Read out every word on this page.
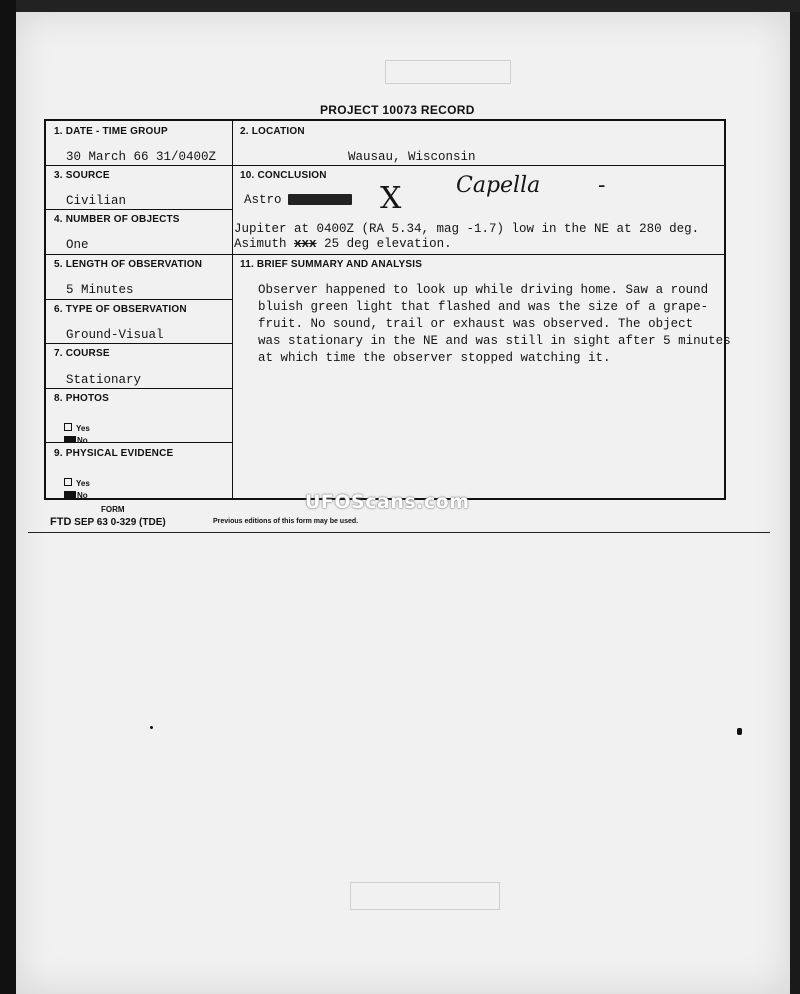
PROJECT 10073 RECORD
1. DATE - TIME GROUP
30 March 66 31/0400Z
2. LOCATION
Wausau, Wisconsin
3. SOURCE
Civilian
4. NUMBER OF OBJECTS
One
5. LENGTH OF OBSERVATION
5 Minutes
6. TYPE OF OBSERVATION
Ground-Visual
7. COURSE
Stationary
8. PHOTOS
Yes
No
9. PHYSICAL EVIDENCE
Yes
No
10. CONCLUSION
Astro	X Capella	-
Jupiter at 0400Z (RA 5.34, mag -1.7) low in the NE at 280 deg.
Asimuth xxx 25 deg elevation.
11. BRIEF SUMMARY AND ANALYSIS
Observer happened to look up while driving home. Saw a round
bluish green light that flashed and was the size of a grape-
fruit. No sound, trail or exhaust was observed. The object
was stationary in the NE and was still in sight after 5 minutes
at which time the observer stopped watching it.
FORM
FTD SEP 63 0-329 (TDE)	Previous editions of this form may be used.
UFOScans.com
